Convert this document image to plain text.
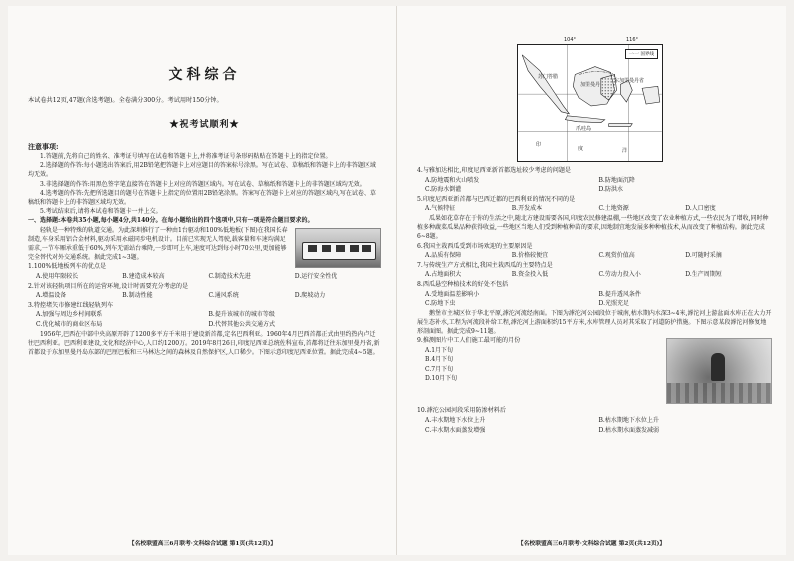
文科综合
本试卷共12页,47题(含选考题)。全卷满分300分。考试用时150分钟。
★祝考试顺利★
注意事项:
1.答题前,先将自己的姓名、准考证号填写在试卷和答题卡上,并将准考证号条形码粘贴在答题卡上的指定位置。
2.选择题的作答:每小题选出答案后,用2B铅笔把答题卡上对应题目的答案标号涂黑。写在试卷、草稿纸和答题卡上的非答题区域均无效。
3.非选择题的作答:用黑色签字笔直接答在答题卡上对应的答题区域内。写在试卷、草稿纸和答题卡上的非答题区域均无效。
4.选考题的作答:先把所选题目的题号在答题卡上指定的位置用2B铅笔涂黑。答案写在答题卡上对应的答题区域内,写在试卷、草稿纸和答题卡上的非答题区域均无效。
5.考试结束后,请将本试卷和答题卡一并上交。
一、选择题:本卷共35小题,每小题4分,共140分。在每小题给出的四个选项中,只有一项是符合题目要求的。
轻轨是一种特殊的轨道交通。为此深圳推行了一种由1台驱动和100%低地板(下图)在我国长春制造,车身采用铝合金材料,驱动采用永磁同步电机设计。目前已实现无人驾驶,载客量和车速均满足需求,一节车厢承重低于60%,列车无需站台乘降,一步即可上车,速度可达到每小时70公里,更加能够完全替代对外交通系统。据此完成1~3题。
1.100%低地板列车的优点是
A.使用年限较长	B.建造成本较高	C.制造技术先进	D.运行安全性优
2.针对该轻轨项目所在的运营环境,设计时需要充分考虑的是
A.增温设备	B.制动性能	C.通风系统	D.爬坡动力
3.特控堵矢市修建红线轻轨列车
A.加强与周边乡村间联系	B.提升该城市的城市等级
C.优化城市的商业区布局	D.代替其他公共交通方式
1956年,巴西在中部中央高原开辟了1200多平方千米用于建设新首都,定名巴西利亚。1960年4月巴西首都正式由里约热内卢迁往巴西利亚。巴西利亚建设,文化和经济中心,人口约1200万。2019年8月26日,印度尼西亚总统佐科宣布,首都将迁往东加里曼丹省,新首都设于东加里曼丹岛东部的巴厘巴板和三马林达之间的森林及自然保护区,人口稀少。下图示意印度尼西亚位置。据此完成4~5题。
【名校联盟高三6月联考·文科综合试题 第1页(共12页)】
104°	116°
一·一 国界线
加里曼丹
东加里曼丹省
苏门答腊
爪哇岛
印
度	洋
4.与雅加达相比,印度尼西亚新首都选址较少考虑的问题是
A.防地震和火山喷发	B.防地面沉降
C.防海水倒灌	D.防洪水
5.印度尼西亚新首都与巴西迁都的巴西利亚的情况不同的是
A.气候特征	B.开发成本	C.土地资源	D.人口密度
瓜果如花草存在于你的生活之中,随北方建设需要各国,印度农民修建温棚,一些地区改变了农业种植方式,一些农民为了增收,同时种植多种蔬菜瓜果品种获得收益,一些地区当地人们受到种植种苗的要求,因地制宜地发展多种种植技术,从而改变了种植结构。据此完成6~8题。
6.我国主栽西瓜受到市场欢迎的主要原因是
A.品质有保障	B.价格较便宜	C.观赏价值高	D.可随时采摘
7.与传统生产方式相比,我国主栽西瓜的主要特点是
A.占地面积大	B.资金投入低	C.劳动力投入小	D.生产周期短
8.西瓜悬空种植技术的好处不包括
A.受地面温差影响小	B.提升透风条件
C.防地下虫	D.光照充足
鹅堡市主城区位于华北平原,滹沱河流经南面。下图为滹沱河公园段位于城南,枯水期内水深3~4米,滹沱河上游盆面水库正在大力开展生态补水,工程为河流段补给工程,滹沱河上游面积约15平方米,水库管理人员对其采取了河道防护措施。下图示意某段滹沱河修复地形剖面图。据此完成9~11题。
9.推测图片中工人们施工最可能的月份
A.1月下旬
B.4月下旬
C.7月下旬
D.10月下旬
10.滹沱公园河段采用防渗材料后
A.丰水期地下水位上升	B.枯水期地下水位上升
C.丰水期水面蒸发增强	D.枯水期水面蒸发减弱
【名校联盟高三6月联考·文科综合试题 第2页(共12页)】
